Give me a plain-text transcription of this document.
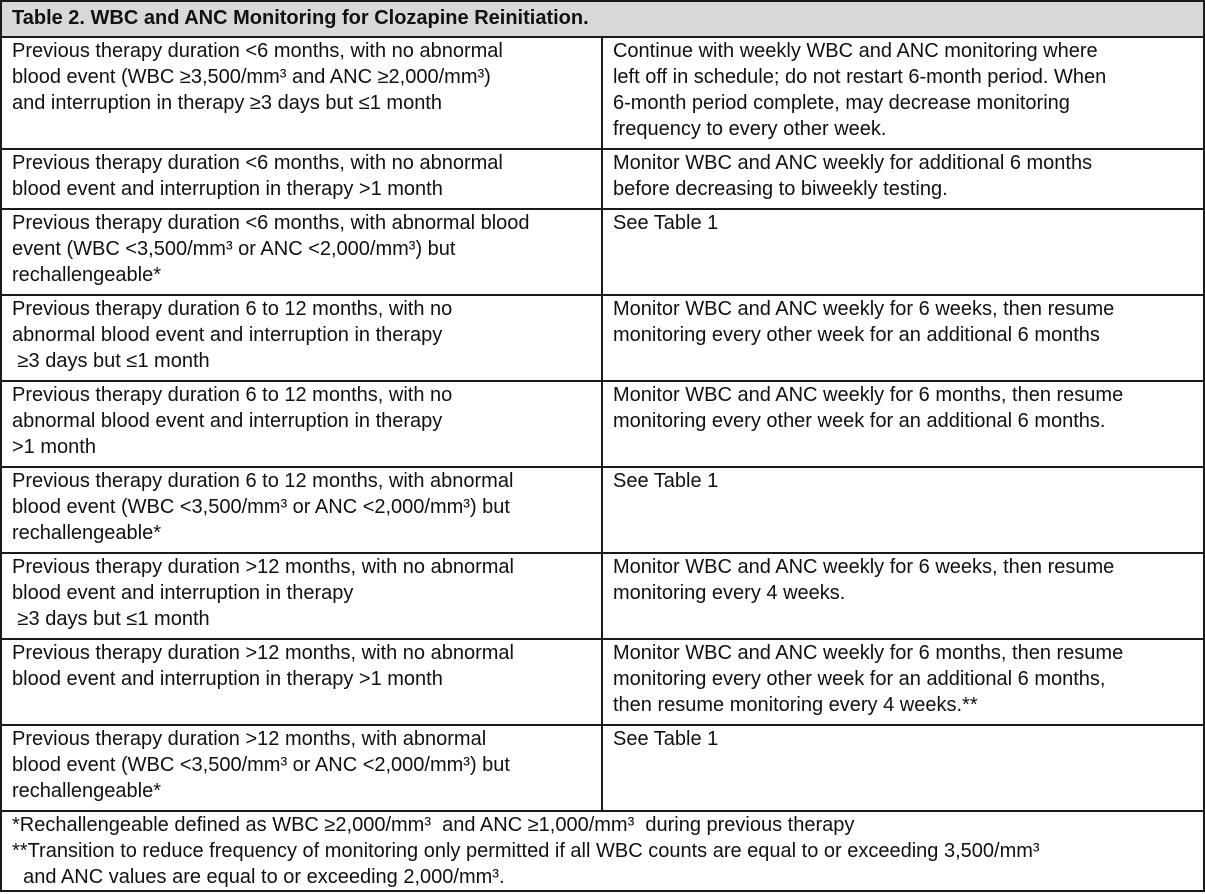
Table 2. WBC and ANC Monitoring for Clozapine Reinitiation.	

Previous therapy duration <6 months, with no abnormal
blood event (WBC ≥3,500/mm³ and ANC ≥2,000/mm³)
and interruption in therapy ≥3 days but ≤1 month	Continue with weekly WBC and ANC monitoring where
left off in schedule; do not restart 6-month period. When
6-month period complete, may decrease monitoring
frequency to every other week.

Previous therapy duration <6 months, with no abnormal
blood event and interruption in therapy >1 month	Monitor WBC and ANC weekly for additional 6 months
before decreasing to biweekly testing.

Previous therapy duration <6 months, with abnormal blood
event (WBC <3,500/mm³ or ANC <2,000/mm³) but
rechallengeable*	See Table 1

Previous therapy duration 6 to 12 months, with no
abnormal blood event and interruption in therapy
≥3 days but ≤1 month	Monitor WBC and ANC weekly for 6 weeks, then resume
monitoring every other week for an additional 6 months

Previous therapy duration 6 to 12 months, with no
abnormal blood event and interruption in therapy
>1 month	Monitor WBC and ANC weekly for 6 months, then resume
monitoring every other week for an additional 6 months.

Previous therapy duration 6 to 12 months, with abnormal
blood event (WBC <3,500/mm³ or ANC <2,000/mm³) but
rechallengeable*	See Table 1

Previous therapy duration >12 months, with no abnormal
blood event and interruption in therapy
≥3 days but ≤1 month	Monitor WBC and ANC weekly for 6 weeks, then resume
monitoring every 4 weeks.

Previous therapy duration >12 months, with no abnormal
blood event and interruption in therapy >1 month	Monitor WBC and ANC weekly for 6 months, then resume
monitoring every other week for an additional 6 months,
then resume monitoring every 4 weeks.**

Previous therapy duration >12 months, with abnormal
blood event (WBC <3,500/mm³ or ANC <2,000/mm³) but
rechallengeable*	See Table 1

*Rechallengeable defined as WBC ≥2,000/mm³  and ANC ≥1,000/mm³  during previous therapy
**Transition to reduce frequency of monitoring only permitted if all WBC counts are equal to or exceeding 3,500/mm³
and ANC values are equal to or exceeding 2,000/mm³.	
